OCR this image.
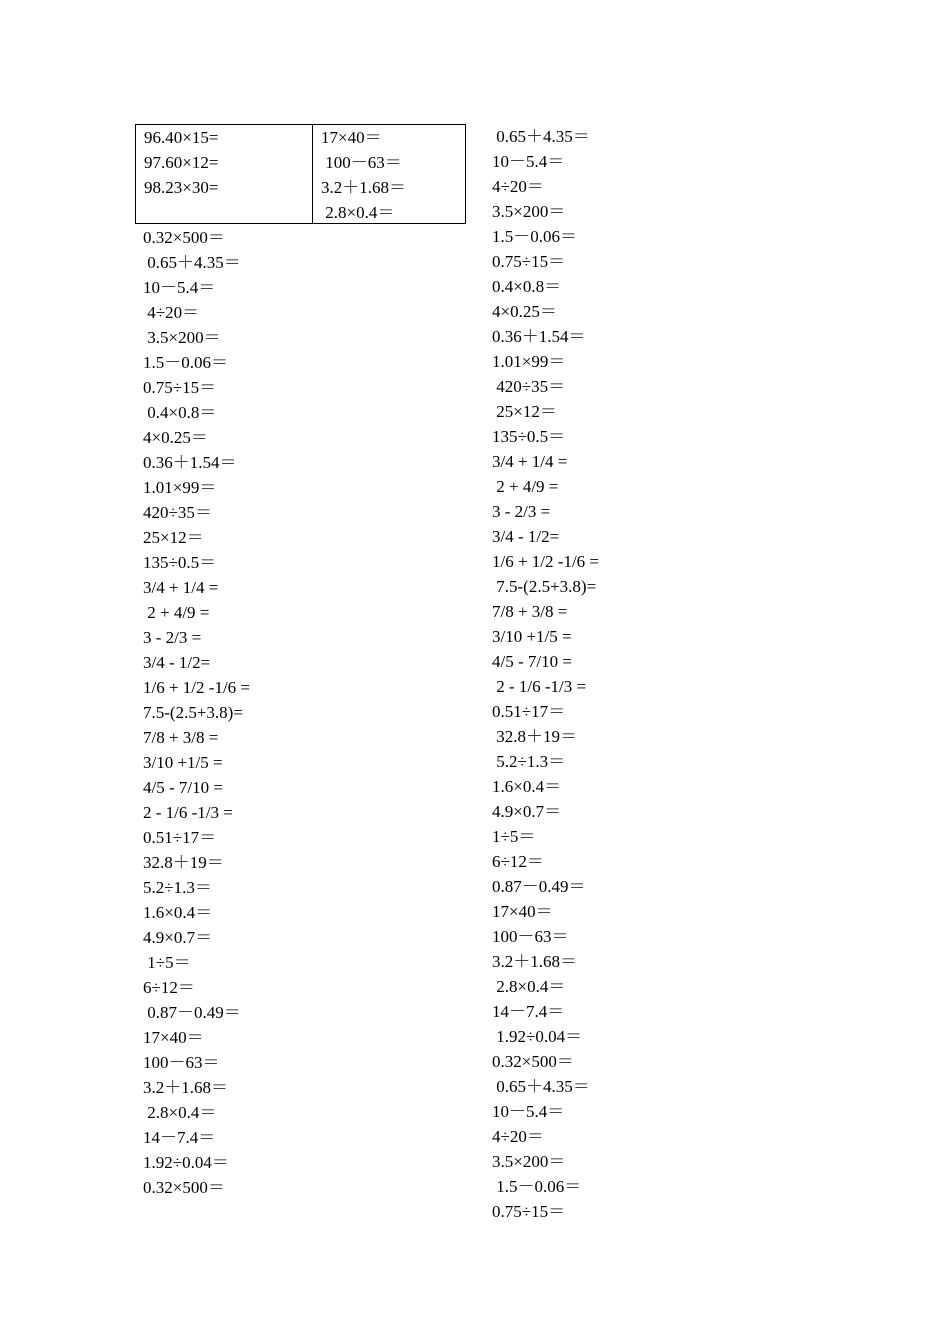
96.40×15=
97.60×12=
98.23×30=
17×40＝
100－63＝
3.2＋1.68＝
2.8×0.4＝
0.32×500＝
0.65＋4.35＝
10－5.4＝
4÷20＝
3.5×200＝
1.5－0.06＝
0.75÷15＝
0.4×0.8＝
4×0.25＝
0.36＋1.54＝
1.01×99＝
420÷35＝
25×12＝
135÷0.5＝
3/4 + 1/4 =
2 + 4/9 =
3 - 2/3 =
3/4 - 1/2=
1/6 + 1/2 -1/6 =
7.5-(2.5+3.8)=
7/8 + 3/8 =
3/10 +1/5 =
4/5 - 7/10 =
2 - 1/6 -1/3 =
0.51÷17＝
32.8＋19＝
5.2÷1.3＝
1.6×0.4＝
4.9×0.7＝
1÷5＝
6÷12＝
0.87－0.49＝
17×40＝
100－63＝
3.2＋1.68＝
2.8×0.4＝
14－7.4＝
1.92÷0.04＝
0.32×500＝
0.65＋4.35＝
10－5.4＝
4÷20＝
3.5×200＝
1.5－0.06＝
0.75÷15＝
0.4×0.8＝
4×0.25＝
0.36＋1.54＝
1.01×99＝
420÷35＝
25×12＝
135÷0.5＝
3/4 + 1/4 =
2 + 4/9 =
3 - 2/3 =
3/4 - 1/2=
1/6 + 1/2 -1/6 =
7.5-(2.5+3.8)=
7/8 + 3/8 =
3/10 +1/5 =
4/5 - 7/10 =
2 - 1/6 -1/3 =
0.51÷17＝
32.8＋19＝
5.2÷1.3＝
1.6×0.4＝
4.9×0.7＝
1÷5＝
6÷12＝
0.87－0.49＝
17×40＝
100－63＝
3.2＋1.68＝
2.8×0.4＝
14－7.4＝
1.92÷0.04＝
0.32×500＝
0.65＋4.35＝
10－5.4＝
4÷20＝
3.5×200＝
1.5－0.06＝
0.75÷15＝
